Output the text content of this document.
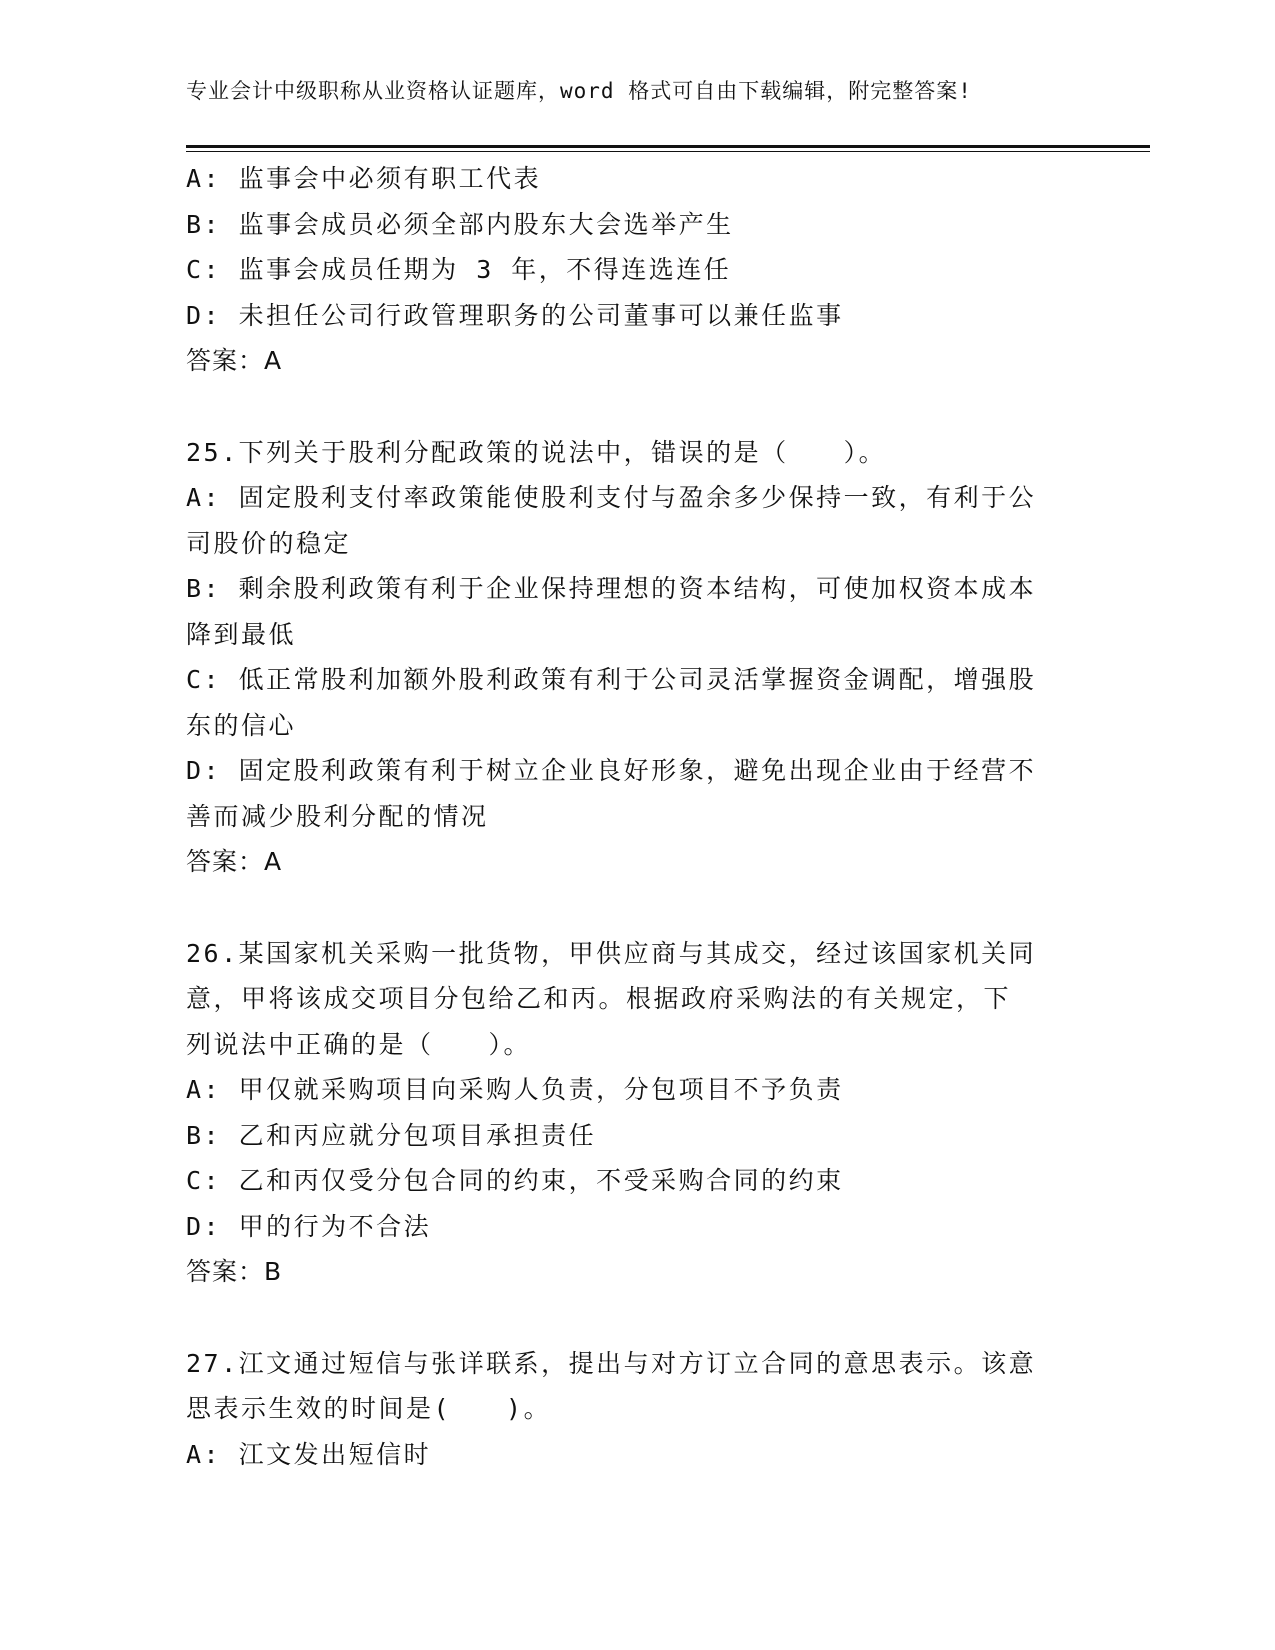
专业会计中级职称从业资格认证题库，word 格式可自由下载编辑，附完整答案!
A: 监事会中必须有职工代表
B: 监事会成员必须全部内股东大会选举产生
C: 监事会成员任期为 3 年，不得连选连任
D: 未担任公司行政管理职务的公司董事可以兼任监事
答案：A
25.下列关于股利分配政策的说法中，错误的是（　　）。
A: 固定股利支付率政策能使股利支付与盈余多少保持一致，有利于公
司股价的稳定
B: 剩余股利政策有利于企业保持理想的资本结构，可使加权资本成本
降到最低
C: 低正常股利加额外股利政策有利于公司灵活掌握资金调配，增强股
东的信心
D: 固定股利政策有利于树立企业良好形象，避免出现企业由于经营不
善而减少股利分配的情况
答案：A
26.某国家机关采购一批货物，甲供应商与其成交，经过该国家机关同
意，甲将该成交项目分包给乙和丙。根据政府采购法的有关规定，下
列说法中正确的是（　　）。
A: 甲仅就采购项目向采购人负责，分包项目不予负责
B: 乙和丙应就分包项目承担责任
C: 乙和丙仅受分包合同的约束，不受采购合同的约束
D: 甲的行为不合法
答案：B
27.江文通过短信与张详联系，提出与对方订立合同的意思表示。该意
思表示生效的时间是(　　)。
A: 江文发出短信时
